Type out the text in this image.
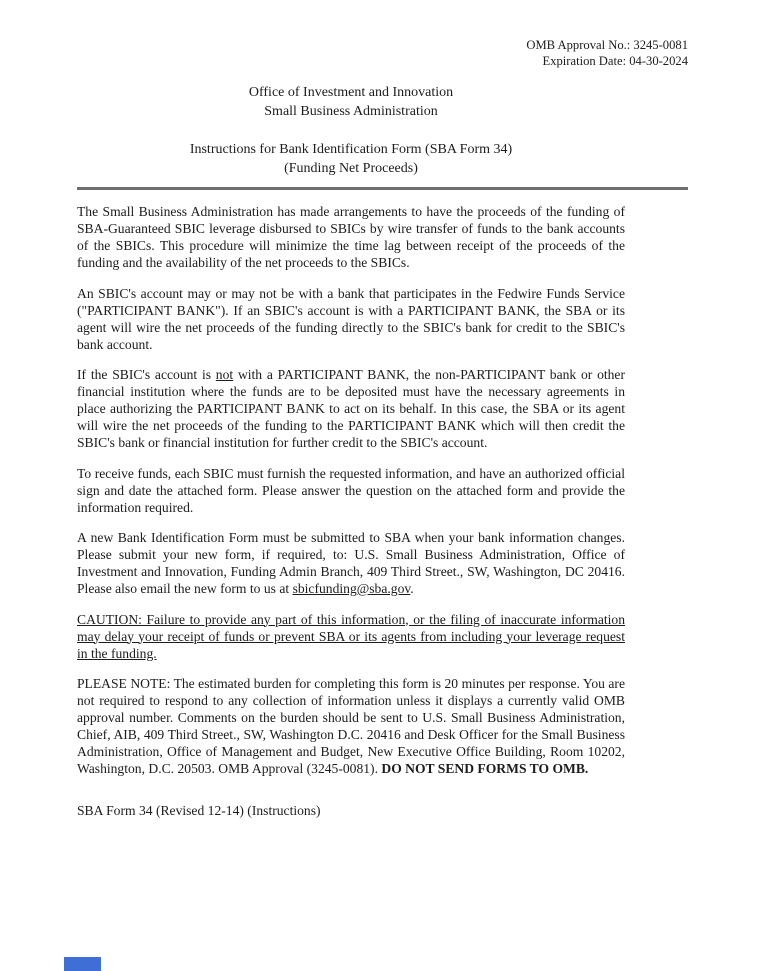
OMB Approval No.: 3245-0081
Expiration Date: 04-30-2024
Office of Investment and Innovation
Small Business Administration
Instructions for Bank Identification Form (SBA Form 34)
(Funding Net Proceeds)

The Small Business Administration has made arrangements to have the proceeds of the funding of SBA-Guaranteed SBIC leverage disbursed to SBICs by wire transfer of funds to the bank accounts of the SBICs. This procedure will minimize the time lag between receipt of the proceeds of the funding and the availability of the net proceeds to the SBICs.

An SBIC's account may or may not be with a bank that participates in the Fedwire Funds Service ("PARTICIPANT BANK"). If an SBIC's account is with a PARTICIPANT BANK, the SBA or its agent will wire the net proceeds of the funding directly to the SBIC's bank for credit to the SBIC's bank account.

If the SBIC's account is not with a PARTICIPANT BANK, the non-PARTICIPANT bank or other financial institution where the funds are to be deposited must have the necessary agreements in place authorizing the PARTICIPANT BANK to act on its behalf. In this case, the SBA or its agent will wire the net proceeds of the funding to the PARTICIPANT BANK which will then credit the SBIC's bank or financial institution for further credit to the SBIC's account.

To receive funds, each SBIC must furnish the requested information, and have an authorized official sign and date the attached form. Please answer the question on the attached form and provide the information required.

A new Bank Identification Form must be submitted to SBA when your bank information changes. Please submit your new form, if required, to: U.S. Small Business Administration, Office of Investment and Innovation, Funding Admin Branch, 409 Third Street., SW, Washington, DC 20416. Please also email the new form to us at sbicfunding@sba.gov.

CAUTION: Failure to provide any part of this information, or the filing of inaccurate information may delay your receipt of funds or prevent SBA or its agents from including your leverage request in the funding.

PLEASE NOTE: The estimated burden for completing this form is 20 minutes per response. You are not required to respond to any collection of information unless it displays a currently valid OMB approval number. Comments on the burden should be sent to U.S. Small Business Administration, Chief, AIB, 409 Third Street., SW, Washington D.C. 20416 and Desk Officer for the Small Business Administration, Office of Management and Budget, New Executive Office Building, Room 10202, Washington, D.C. 20503. OMB Approval (3245-0081). DO NOT SEND FORMS TO OMB.

SBA Form 34 (Revised 12-14) (Instructions)
